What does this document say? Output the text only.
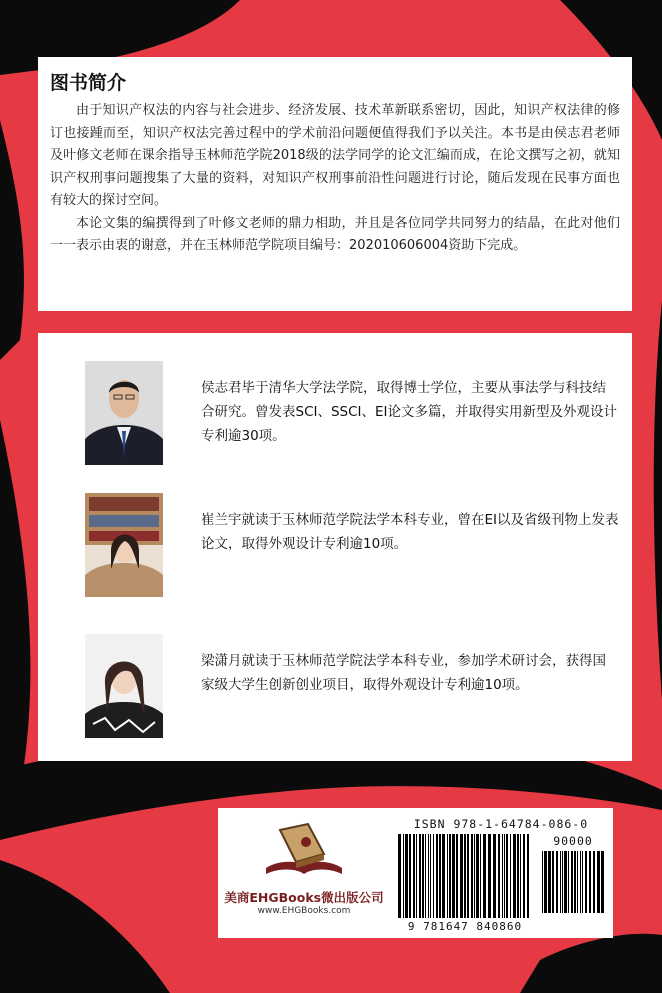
图书简介

由于知识产权法的内容与社会进步、经济发展、技术革新联系密切，因此，知识产权法律的修订也接踵而至，知识产权法完善过程中的学术前沿问题便值得我们予以关注。本书是由侯志君老师及叶修文老师在课余指导玉林师范学院2018级的法学同学的论文汇编而成，在论文撰写之初，就知识产权刑事问题搜集了大量的资料，对知识产权刑事前沿性问题进行讨论，随后发现在民事方面也有较大的探讨空间。

本论文集的编撰得到了叶修文老师的鼎力相助，并且是各位同学共同努力的结晶，在此对他们一一表示由衷的谢意，并在玉林师范学院项目编号：202010606004资助下完成。

侯志君毕于清华大学法学院，取得博士学位，主要从事法学与科技结合研究。曾发表SCI、SSCI、EI论文多篇，并取得实用新型及外观设计专利逾30项。
崔兰宇就读于玉林师范学院法学本科专业，曾在EI以及省级刊物上发表论文，取得外观设计专利逾10项。
梁潇月就读于玉林师范学院法学本科专业，参加学术研讨会，获得国家级大学生创新创业项目，取得外观设计专利逾10项。
美商EHGBooks微出版公司
www.EHGBooks.com
ISBN 978-1-64784-086-0
90000
9 781647 840860
